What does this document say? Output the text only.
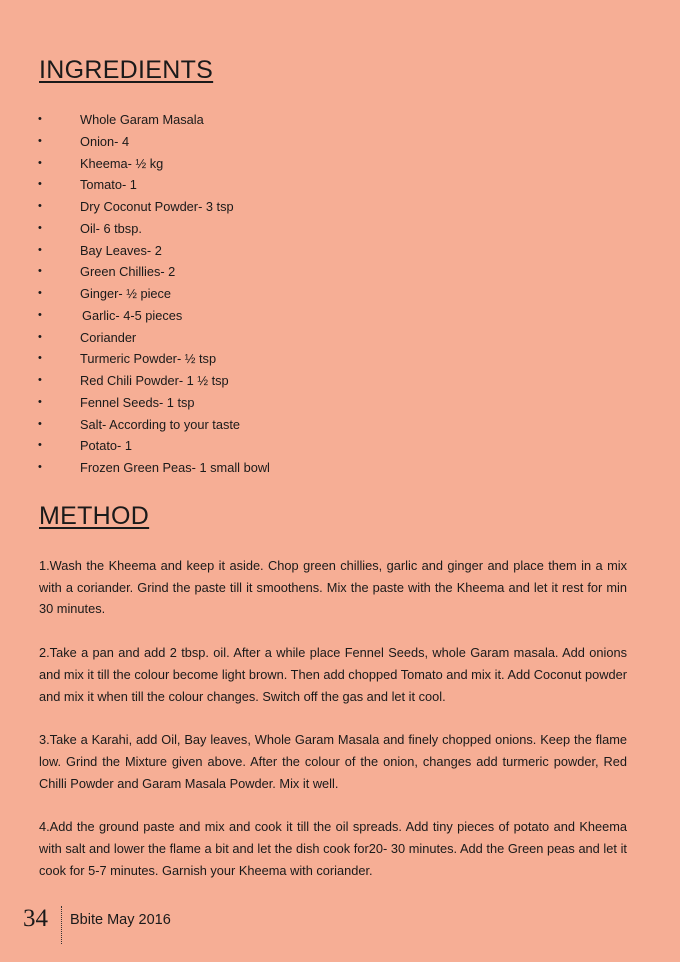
INGREDIENTS
•	Whole Garam Masala
•	Onion- 4
•	Kheema- ½ kg
•	Tomato- 1
•	Dry Coconut Powder- 3 tsp
•	Oil- 6 tbsp.
•	Bay Leaves- 2
•	Green Chillies- 2
•	Ginger- ½ piece
•	Garlic- 4-5 pieces
•	Coriander
•	Turmeric Powder- ½ tsp
•	Red Chili Powder- 1 ½ tsp
•	Fennel Seeds- 1 tsp
•	Salt- According to your taste
•	Potato- 1
•	Frozen Green Peas- 1 small bowl
METHOD

1.Wash the Kheema and keep it aside. Chop green chillies, garlic and ginger and place them in a mix with a coriander. Grind the paste till it smoothens. Mix the paste with the Kheema and let it rest for min 30 minutes.

2.Take a pan and add 2 tbsp. oil. After a while place Fennel Seeds, whole Garam masala. Add onions and mix it till the colour become light brown. Then add chopped Tomato and mix it. Add Coconut powder and mix it when till the colour changes. Switch off the gas and let it cool.

3.Take a Karahi, add Oil, Bay leaves, Whole Garam Masala and finely chopped onions. Keep the flame low. Grind the Mixture given above. After the colour of the onion, changes add turmeric powder, Red Chilli Powder and Garam Masala Powder. Mix it well.

4.Add the ground paste and mix and cook it till the oil spreads. Add tiny pieces of potato and Kheema with salt and lower the flame a bit and let the dish cook for20- 30 minutes. Add the Green peas and let it cook for 5-7 minutes. Garnish your Kheema with coriander.

34 Bbite May 2016
